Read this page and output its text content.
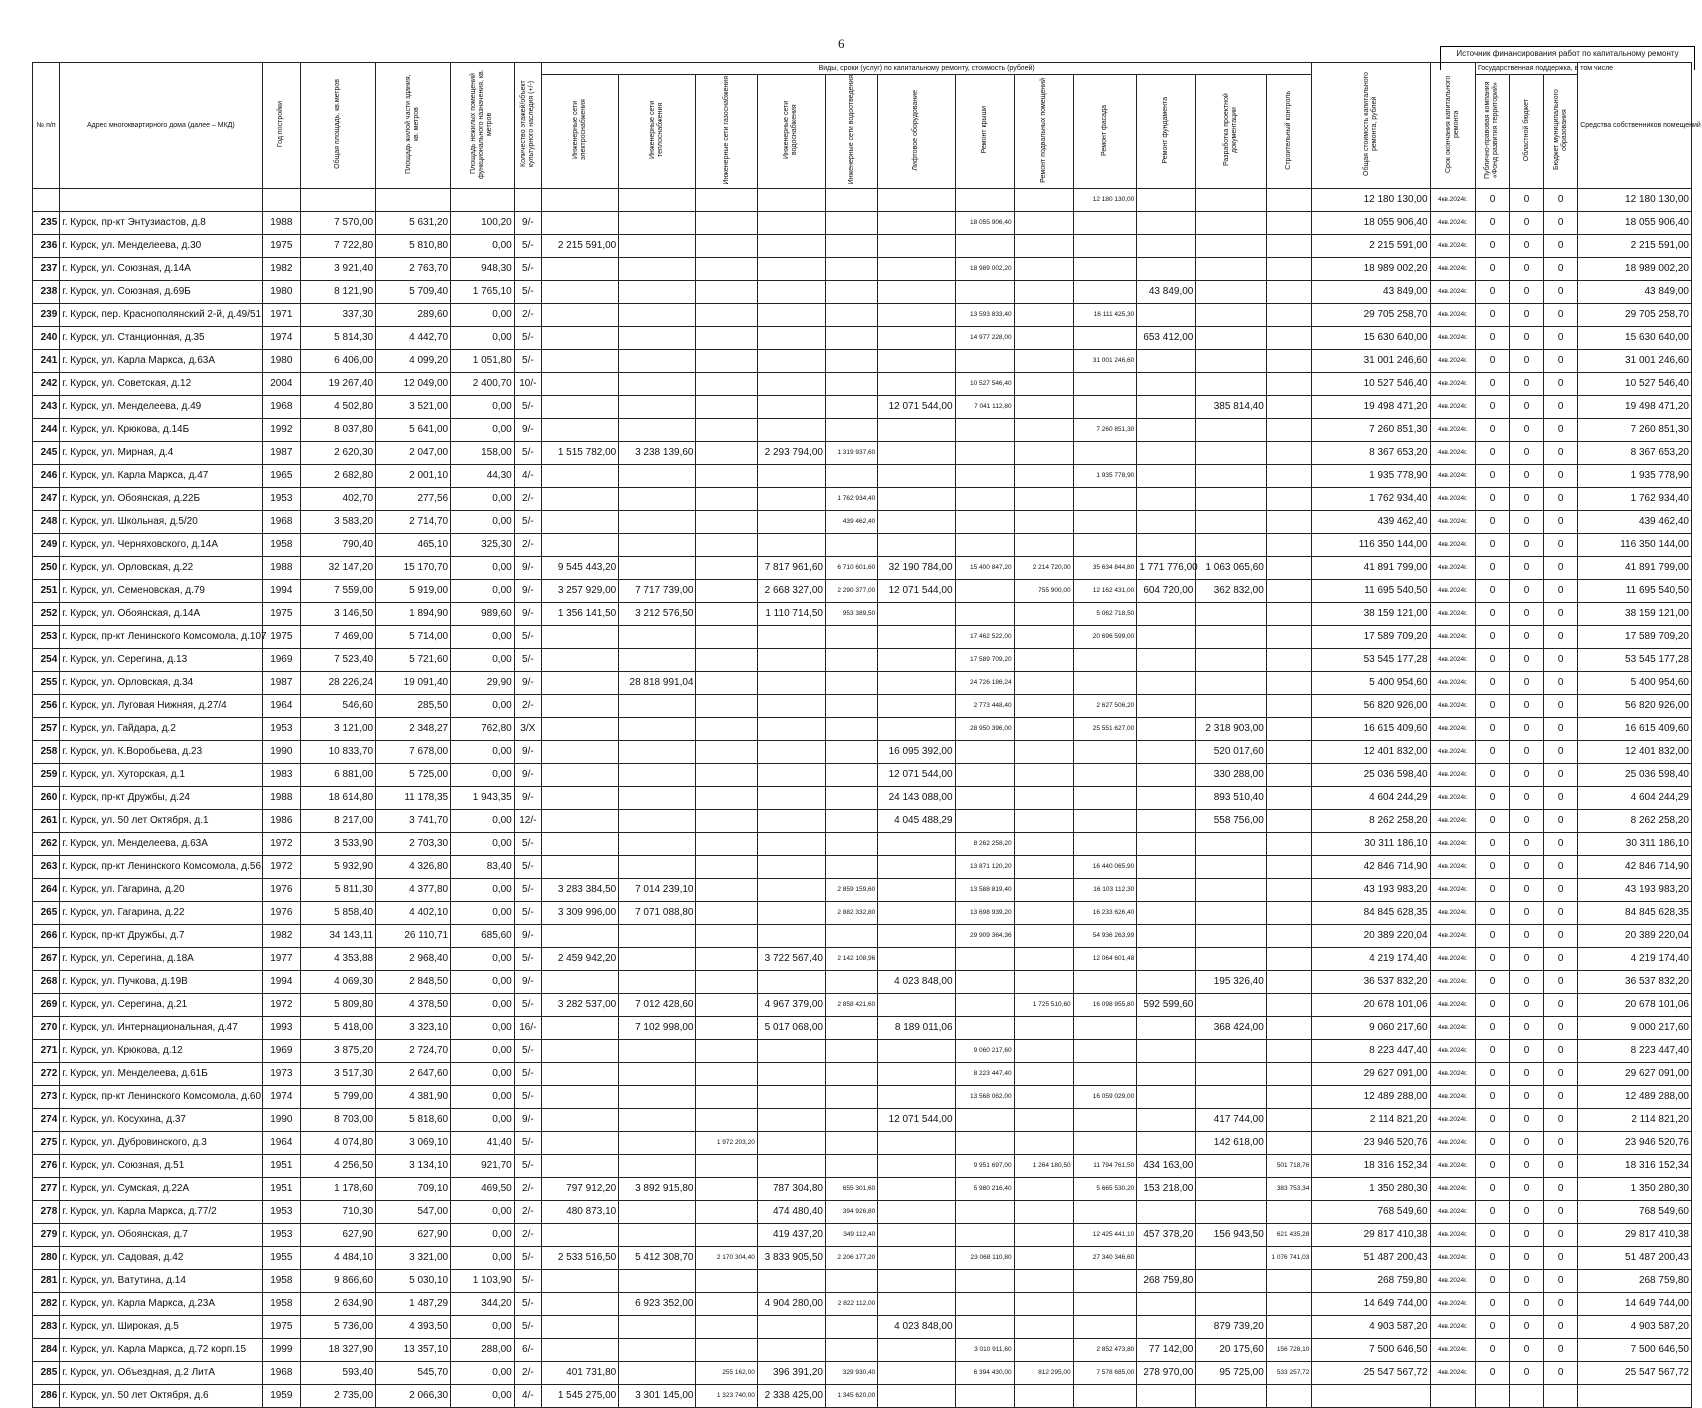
6
Источник финансирования работ по капитальному ремонту
№ п/п	Адрес многоквартирного дома (далее – МКД)	Год постройки	Общая площадь, кв.метров	Площадь жилой части здания, кв. метров	Площадь нежилых помещений функционального назначения, кв. метров	Количество этажей/объект культурного наследия (+/-)	Виды, сроки (услуг) по капитальному ремонту, стоимость (рублей)												Общая стоимость капитального ремонта, рублей	Срок окончания капитального ремонта	Государственная поддержка, в том числе			Средства собственников помещений
							Инженерные сети электроснабжения	Инженерные сети теплоснабжения	Инженерные сети газоснабжения	Инженерные сети водоснабжения	Инженерные сети водоотведения	Лифтовое оборудование	Ремонт крыши	Ремонт подвальных помещений	Ремонт фасада	Ремонт фундамента	Разработка проектной документации	Строительный контроль			Публично-правовая компания «Фонд развития территорий»	Областной бюджет	Бюджет муниципального образования	

															12 180 130,00				12 180 130,00	4кв.2024г.	0	0	0	12 180 130,00
235	г. Курск, пр-кт Энтузиастов, д.8	1988	7 570,00	5 631,20	100,20	9/-							18 055 906,40						18 055 906,40	4кв.2024г.	0	0	0	18 055 906,40
236	г. Курск, ул. Менделеева, д.30	1975	7 722,80	5 810,80	0,00	5/-	2 215 591,00												2 215 591,00	4кв.2024г.	0	0	0	2 215 591,00
237	г. Курск, ул. Союзная, д.14А	1982	3 921,40	2 763,70	948,30	5/-							18 989 002,20						18 989 002,20	4кв.2024г.	0	0	0	18 989 002,20
238	г. Курск, ул. Союзная, д.69Б	1980	8 121,90	5 709,40	1 765,10	5/-										43 849,00			43 849,00	4кв.2024г.	0	0	0	43 849,00
239	г. Курск, пер. Краснополянский 2-й, д.49/51	1971	337,30	289,60	0,00	2/-							13 593 833,40		16 111 425,30				29 705 258,70	4кв.2024г.	0	0	0	29 705 258,70
240	г. Курск, ул. Станционная, д.35	1974	5 814,30	4 442,70	0,00	5/-							14 977 228,00			653 412,00			15 630 640,00	4кв.2024г.	0	0	0	15 630 640,00
241	г. Курск, ул. Карла Маркса, д.63А	1980	6 406,00	4 099,20	1 051,80	5/-									31 001 246,60				31 001 246,60	4кв.2024г.	0	0	0	31 001 246,60
242	г. Курск, ул. Советская, д.12	2004	19 267,40	12 049,00	2 400,70	10/-							10 527 546,40						10 527 546,40	4кв.2024г.	0	0	0	10 527 546,40
243	г. Курск, ул. Менделеева, д.49	1968	4 502,80	3 521,00	0,00	5/-						12 071 544,00	7 041 112,80				385 814,40		19 498 471,20	4кв.2024г.	0	0	0	19 498 471,20
244	г. Курск, ул. Крюкова, д.14Б	1992	8 037,80	5 641,00	0,00	9/-									7 260 851,30				7 260 851,30	4кв.2024г.	0	0	0	7 260 851,30
245	г. Курск, ул. Мирная, д.4	1987	2 620,30	2 047,00	158,00	5/-	1 515 782,00	3 238 139,60		2 293 794,00	1 319 937,60								8 367 653,20	4кв.2024г.	0	0	0	8 367 653,20
246	г. Курск, ул. Карла Маркса, д.47	1965	2 682,80	2 001,10	44,30	4/-									1 935 778,90				1 935 778,90	4кв.2024г.	0	0	0	1 935 778,90
247	г. Курск, ул. Обоянская, д.22Б	1953	402,70	277,56	0,00	2/-					1 762 934,40								1 762 934,40	4кв.2024г.	0	0	0	1 762 934,40
248	г. Курск, ул. Школьная, д.5/20	1968	3 583,20	2 714,70	0,00	5/-					439 462,40								439 462,40	4кв.2024г.	0	0	0	439 462,40
249	г. Курск, ул. Черняховского, д.14А	1958	790,40	465,10	325,30	2/-													116 350 144,00	4кв.2024г.	0	0	0	116 350 144,00
250	г. Курск, ул. Орловская, д.22	1988	32 147,20	15 170,70	0,00	9/-	9 545 443,20			7 817 961,60	6 710 601,60	32 190 784,00	15 400 847,20	2 214 720,00	35 634 844,80	1 771 776,00	1 063 065,60		41 891 799,00	4кв.2024г.	0	0	0	41 891 799,00
251	г. Курск, ул. Семеновская, д.79	1994	7 559,00	5 919,00	0,00	9/-	3 257 929,00	7 717 739,00		2 668 327,00	2 290 377,00	12 071 544,00		755 900,00	12 162 431,00	604 720,00	362 832,00		11 695 540,50	4кв.2024г.	0	0	0	11 695 540,50
252	г. Курск, ул. Обоянская, д.14А	1975	3 146,50	1 894,90	989,60	9/-	1 356 141,50	3 212 576,50		1 110 714,50	953 389,50				5 062 718,50				38 159 121,00	4кв.2024г.	0	0	0	38 159 121,00
253	г. Курск, пр-кт Ленинского Комсомола, д.107	1975	7 469,00	5 714,00	0,00	5/-							17 462 522,00		20 696 599,00				17 589 709,20	4кв.2024г.	0	0	0	17 589 709,20
254	г. Курск, ул. Серегина, д.13	1969	7 523,40	5 721,60	0,00	5/-							17 589 709,20						53 545 177,28	4кв.2024г.	0	0	0	53 545 177,28
255	г. Курск, ул. Орловская, д.34	1987	28 226,24	19 091,40	29,90	9/-		28 818 991,04					24 726 186,24						5 400 954,60	4кв.2024г.	0	0	0	5 400 954,60
256	г. Курск, ул. Луговая Нижняя, д.27/4	1964	546,60	285,50	0,00	2/-							2 773 448,40		2 627 506,20				56 820 926,00	4кв.2024г.	0	0	0	56 820 926,00
257	г. Курск, ул. Гайдара, д.2	1953	3 121,00	2 348,27	762,80	3/Х							28 950 396,00		25 551 627,00		2 318 903,00		16 615 409,60	4кв.2024г.	0	0	0	16 615 409,60
258	г. Курск, ул. К.Воробьева, д.23	1990	10 833,70	7 678,00	0,00	9/-						16 095 392,00					520 017,60		12 401 832,00	4кв.2024г.	0	0	0	12 401 832,00
259	г. Курск, ул. Хуторская, д.1	1983	6 881,00	5 725,00	0,00	9/-						12 071 544,00					330 288,00		25 036 598,40	4кв.2024г.	0	0	0	25 036 598,40
260	г. Курск, пр-кт Дружбы, д.24	1988	18 614,80	11 178,35	1 943,35	9/-						24 143 088,00					893 510,40		4 604 244,29	4кв.2024г.	0	0	0	4 604 244,29
261	г. Курск, ул. 50 лет Октября, д.1	1986	8 217,00	3 741,70	0,00	12/-						4 045 488,29					558 756,00		8 262 258,20	4кв.2024г.	0	0	0	8 262 258,20
262	г. Курск, ул. Менделеева, д.63А	1972	3 533,90	2 703,30	0,00	5/-							8 262 258,20						30 311 186,10	4кв.2024г.	0	0	0	30 311 186,10
263	г. Курск, пр-кт Ленинского Комсомола, д.56	1972	5 932,90	4 326,80	83,40	5/-							13 871 120,20		16 440 065,90				42 846 714,90	4кв.2024г.	0	0	0	42 846 714,90
264	г. Курск, ул. Гагарина, д.20	1976	5 811,30	4 377,80	0,00	5/-	3 283 384,50	7 014 239,10			2 859 159,60		13 588 819,40		16 103 112,30				43 193 983,20	4кв.2024г.	0	0	0	43 193 983,20
265	г. Курск, ул. Гагарина, д.22	1976	5 858,40	4 402,10	0,00	5/-	3 309 996,00	7 071 088,80			2 882 332,80		13 698 939,20		16 233 626,40				84 845 628,35	4кв.2024г.	0	0	0	84 845 628,35
266	г. Курск, пр-кт Дружбы, д.7	1982	34 143,11	26 110,71	685,60	9/-							29 909 364,36		54 936 263,99				20 389 220,04	4кв.2024г.	0	0	0	20 389 220,04
267	г. Курск, ул. Серегина, д.18А	1977	4 353,88	2 968,40	0,00	5/-	2 459 942,20			3 722 567,40	2 142 108,96				12 064 601,48				4 219 174,40	4кв.2024г.	0	0	0	4 219 174,40
268	г. Курск, ул. Пучкова, д.19В	1994	4 069,30	2 848,50	0,00	9/-						4 023 848,00					195 326,40		36 537 832,20	4кв.2024г.	0	0	0	36 537 832,20
269	г. Курск, ул. Серегина, д.21	1972	5 809,80	4 378,50	0,00	5/-	3 282 537,00	7 012 428,60		4 967 379,00	2 858 421,60			1 725 510,60	16 098 955,80	592 599,60			20 678 101,06	4кв.2024г.	0	0	0	20 678 101,06
270	г. Курск, ул. Интернациональная, д.47	1993	5 418,00	3 323,10	0,00	16/-		7 102 998,00		5 017 068,00		8 189 011,06					368 424,00		9 060 217,60	4кв.2024г.	0	0	0	9 000 217,60
271	г. Курск, ул. Крюкова, д.12	1969	3 875,20	2 724,70	0,00	5/-							9 060 217,60						8 223 447,40	4кв.2024г.	0	0	0	8 223 447,40
272	г. Курск, ул. Менделеева, д.61Б	1973	3 517,30	2 647,60	0,00	5/-							8 223 447,40						29 627 091,00	4кв.2024г.	0	0	0	29 627 091,00
273	г. Курск, пр-кт Ленинского Комсомола, д.60	1974	5 799,00	4 381,90	0,00	5/-							13 568 062,00		16 059 029,00				12 489 288,00	4кв.2024г.	0	0	0	12 489 288,00
274	г. Курск, ул. Косухина, д.37	1990	8 703,00	5 818,60	0,00	9/-						12 071 544,00					417 744,00		2 114 821,20	4кв.2024г.	0	0	0	2 114 821,20
275	г. Курск, ул. Дубровинского, д.3	1964	4 074,80	3 069,10	41,40	5/-			1 972 203,20								142 618,00		23 946 520,76	4кв.2024г.	0	0	0	23 946 520,76
276	г. Курск, ул. Союзная, д.51	1951	4 256,50	3 134,10	921,70	5/-							9 951 697,00	1 264 180,50	11 794 761,50	434 163,00		501 718,76	18 316 152,34	4кв.2024г.	0	0	0	18 316 152,34
277	г. Курск, ул. Сумская, д.22А	1951	1 178,60	709,10	469,50	2/-	797 912,20	3 892 915,80		787 304,80	655 301,60		5 980 216,40		5 665 530,20	153 218,00		383 753,34	1 350 280,30	4кв.2024г.	0	0	0	1 350 280,30
278	г. Курск, ул. Карла Маркса, д.77/2	1953	710,30	547,00	0,00	2/-	480 873,10			474 480,40	394 926,80								768 549,60	4кв.2024г.	0	0	0	768 549,60
279	г. Курск, ул. Обоянская, д.7	1953	627,90	627,90	0,00	2/-				419 437,20	349 112,40				12 425 441,10	457 378,20	156 943,50	621 435,28	29 817 410,38	4кв.2024г.	0	0	0	29 817 410,38
280	г. Курск, ул. Садовая, д.42	1955	4 484,10	3 321,00	0,00	5/-	2 533 516,50	5 412 308,70	2 170 304,40	3 833 905,50	2 206 177,20		23 068 110,80		27 340 346,60			1 076 741,03	51 487 200,43	4кв.2024г.	0	0	0	51 487 200,43
281	г. Курск, ул. Ватутина, д.14	1958	9 866,60	5 030,10	1 103,90	5/-										268 759,80			268 759,80	4кв.2024г.	0	0	0	268 759,80
282	г. Курск, ул. Карла Маркса, д.23А	1958	2 634,90	1 487,29	344,20	5/-		6 923 352,00		4 904 280,00	2 822 112,00								14 649 744,00	4кв.2024г.	0	0	0	14 649 744,00
283	г. Курск, ул. Широкая, д.5	1975	5 736,00	4 393,50	0,00	5/-						4 023 848,00					879 739,20		4 903 587,20	4кв.2024г.	0	0	0	4 903 587,20
284	г. Курск, ул. Карла Маркса, д.72 корп.15	1999	18 327,90	13 357,10	288,00	6/-							3 010 911,60		2 852 473,80	77 142,00	20 175,60	156 728,10	7 500 646,50	4кв.2024г.	0	0	0	7 500 646,50
285	г. Курск, ул. Объездная, д.2 ЛитА	1968	593,40	545,70	0,00	2/-	401 731,80		255 162,00	396 391,20	329 930,40		6 394 430,00	812 295,00	7 578 685,00	278 970,00	95 725,00	533 257,72	25 547 567,72	4кв.2024г.	0	0	0	25 547 567,72
286	г. Курск, ул. 50 лет Октября, д.6	1959	2 735,00	2 066,30	0,00	4/-	1 545 275,00	3 301 145,00	1 323 740,00	2 338 425,00	1 345 620,00													
